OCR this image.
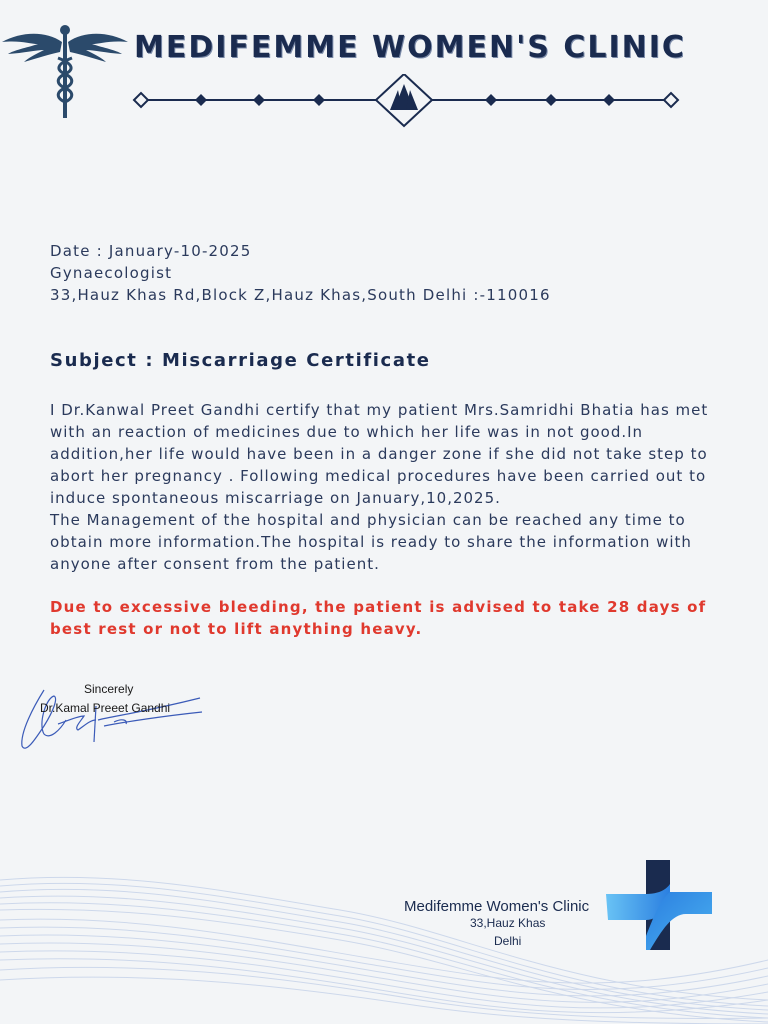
MEDIFEMME WOMEN'S CLINIC
Date : January-10-2025
Gynaecologist
33,Hauz Khas Rd,Block Z,Hauz Khas,South Delhi :-110016
Subject : Miscarriage Certificate

I Dr.Kanwal Preet Gandhi certify that my patient Mrs.Samridhi Bhatia has met with an reaction of medicines due to which her life was in not good.In addition,her life would have been in a danger zone if she did not take step to abort her pregnancy . Following medical procedures have been carried out to induce spontaneous miscarriage on January,10,2025.

The Management of the hospital and physician can be reached any time to obtain more information.The hospital is ready to share the information with anyone after consent from the patient.

Due to excessive bleeding, the patient is advised to take 28 days of best rest or not to lift anything heavy.
Sincerely
Dr.Kamal Preeet Gandhi
Medifemme Women's Clinic
33,Hauz Khas
Delhi
